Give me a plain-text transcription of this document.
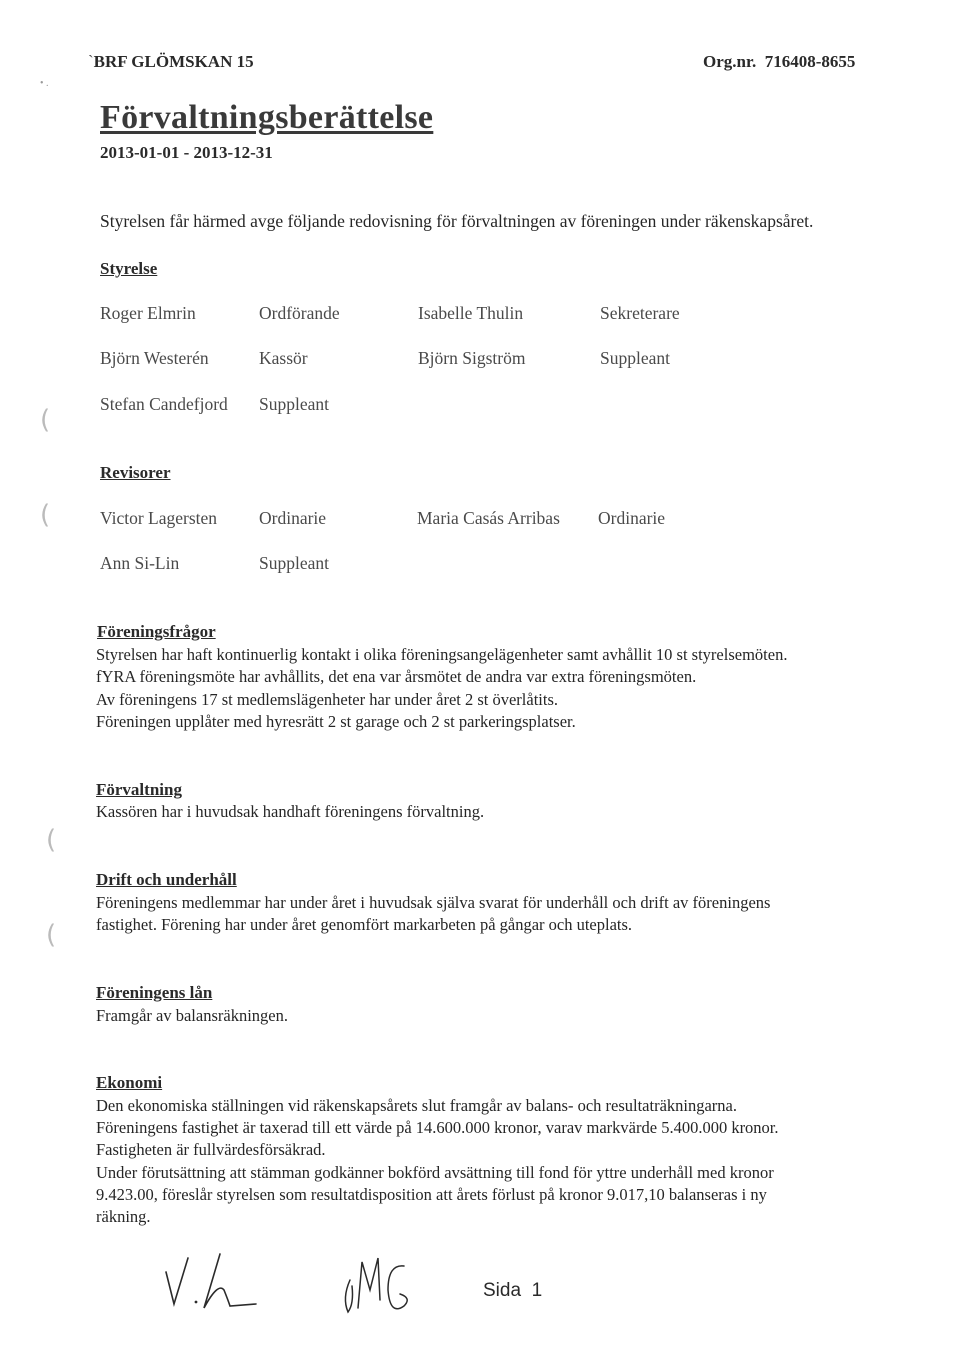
`BRF GLÖMSKAN 15	Org.nr. 716408-8655
• .
Förvaltningsberättelse
2013-01-01 - 2013-12-31
Styrelsen får härmed avge följande redovisning för förvaltningen av föreningen under räkenskapsåret.
Styrelse
Roger Elmrin	Ordförande	Isabelle Thulin	Sekreterare
Björn Westerén	Kassör	Björn Sigström	Suppleant
Stefan Candefjord Suppleant
Revisorer
Victor Lagersten Ordinarie	Maria Casás Arribas Ordinarie
Ann Si-Lin	Suppleant
Föreningsfrågor
Styrelsen har haft kontinuerlig kontakt i olika föreningsangelägenheter samt avhållit 10 st styrelsemöten.
fYRA föreningsmöte har avhållits, det ena var årsmötet de andra var extra föreningsmöten.
Av föreningens 17 st medlemslägenheter har under året 2 st överlåtits.
Föreningen upplåter med hyresrätt 2 st garage och 2 st parkeringsplatser.
Förvaltning
Kassören har i huvudsak handhaft föreningens förvaltning.
Drift och underhåll
Föreningens medlemmar har under året i huvudsak själva svarat för underhåll och drift av föreningens
fastighet. Förening har under året genomfört markarbeten på gångar och uteplats.
Föreningens lån
Framgår av balansräkningen.
Ekonomi
Den ekonomiska ställningen vid räkenskapsårets slut framgår av balans- och resultaträkningarna.
Föreningens fastighet är taxerad till ett värde på 14.600.000 kronor, varav markvärde 5.400.000 kronor.
Fastigheten är fullvärdesförsäkrad.
Under förutsättning att stämman godkänner bokförd avsättning till fond för yttre underhåll med kronor
9.423.00, föreslår styrelsen som resultatdisposition att årets förlust på kronor 9.017,10 balanseras i ny
räkning.
Sida 1
(
(
(
(
